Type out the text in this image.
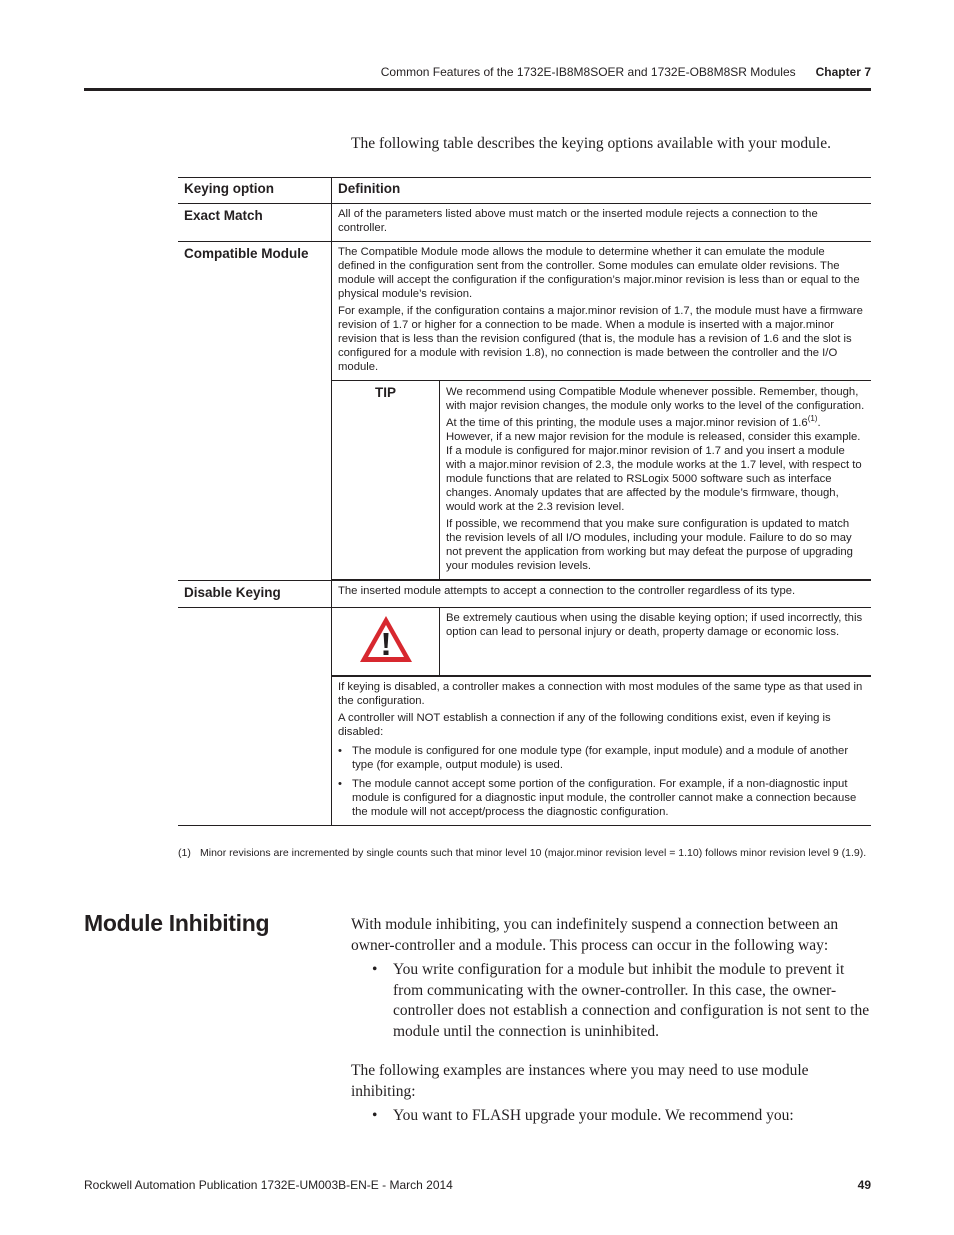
Common Features of the 1732E-IB8M8SOER and 1732E-OB8M8SR Modules Chapter 7
The following table describes the keying options available with your module.
Keying option	Definition
Exact Match	All of the parameters listed above must match or the inserted module rejects a connection to the controller.
Compatible Module	The Compatible Module mode allows the module to determine whether it can emulate the module defined in the configuration sent from the controller. Some modules can emulate older revisions. The module will accept the configuration if the configuration’s major.minor revision is less than or equal to the physical module’s revision.

For example, if the configuration contains a major.minor revision of 1.7, the module must have a firmware revision of 1.7 or higher for a connection to be made. When a module is inserted with a major.minor revision that is less than the revision configured (that is, the module has a revision of 1.6 and the slot is configured for a module with revision 1.8), no connection is made between the controller and the I/O module.

TIP	We recommend using Compatible Module whenever possible. Remember, though, with major revision changes, the module only works to the level of the configuration.

At the time of this printing, the module uses a major.minor revision of 1.6$^{(1)}$. However, if a new major revision for the module is released, consider this example. If a module is configured for major.minor revision of 1.7 and you insert a module with a major.minor revision of 2.3, the module works at the 1.7 level, with respect to module functions that are related to RSLogix 5000 software such as interface changes. Anomaly updates that are affected by the module’s firmware, though, would work at the 2.3 revision level.

If possible, we recommend that you make sure configuration is updated to match the revision levels of all I/O modules, including your module. Failure to do so may not prevent the application from working but may defeat the purpose of upgrading your modules revision levels.

Disable Keying	The inserted module attempts to accept a connection to the controller regardless of its type.

	Be extremely cautious when using the disable keying option; if used incorrectly, this option can lead to personal injury or death, property damage or economic loss.

If keying is disabled, a controller makes a connection with most modules of the same type as that used in the configuration.

A controller will NOT establish a connection if any of the following conditions exist, even if keying is disabled:

• The module is configured for one module type (for example, input module) and a module of another type (for example, output module) is used.
• The module cannot accept some portion of the configuration. For example, if a non-diagnostic input module is configured for a diagnostic input module, the controller cannot make a connection because the module will not accept/process the diagnostic configuration.
(1) Minor revisions are incremented by single counts such that minor level 10 (major.minor revision level = 1.10) follows minor revision level 9 (1.9).
Module Inhibiting	With module inhibiting, you can indefinitely suspend a connection between an owner-controller and a module. This process can occur in the following way:
• You write configuration for a module but inhibit the module to prevent it from communicating with the owner-controller. In this case, the owner-controller does not establish a connection and configuration is not sent to the module until the connection is uninhibited.
The following examples are instances where you may need to use module inhibiting:
• You want to FLASH upgrade your module. We recommend you:
Rockwell Automation Publication 1732E-UM003B-EN-E - March 2014	49
